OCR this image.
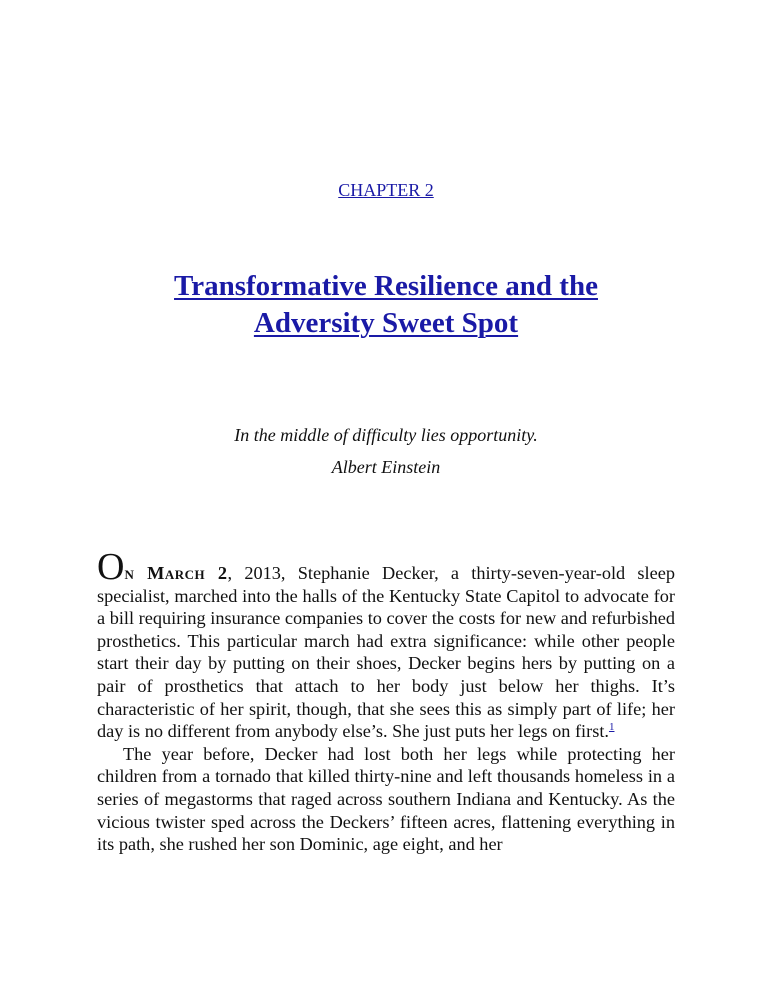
CHAPTER 2
Transformative Resilience and the
Adversity Sweet Spot
In the middle of difficulty lies opportunity.
Albert Einstein

On March 2, 2013, Stephanie Decker, a thirty-seven-year-old sleep specialist, marched into the halls of the Kentucky State Capitol to advocate for a bill requiring insurance companies to cover the costs for new and refurbished prosthetics. This particular march had extra significance: while other people start their day by putting on their shoes, Decker begins hers by putting on a pair of prosthetics that attach to her body just below her thighs. It’s characteristic of her spirit, though, that she sees this as simply part of life; her day is no different from anybody else’s. She just puts her legs on first.$^1$

The year before, Decker had lost both her legs while protecting her children from a tornado that killed thirty-nine and left thousands homeless in a series of megastorms that raged across southern Indiana and Kentucky. As the vicious twister sped across the Deckers’ fifteen acres, flattening everything in its path, she rushed her son Dominic, age eight, and her
